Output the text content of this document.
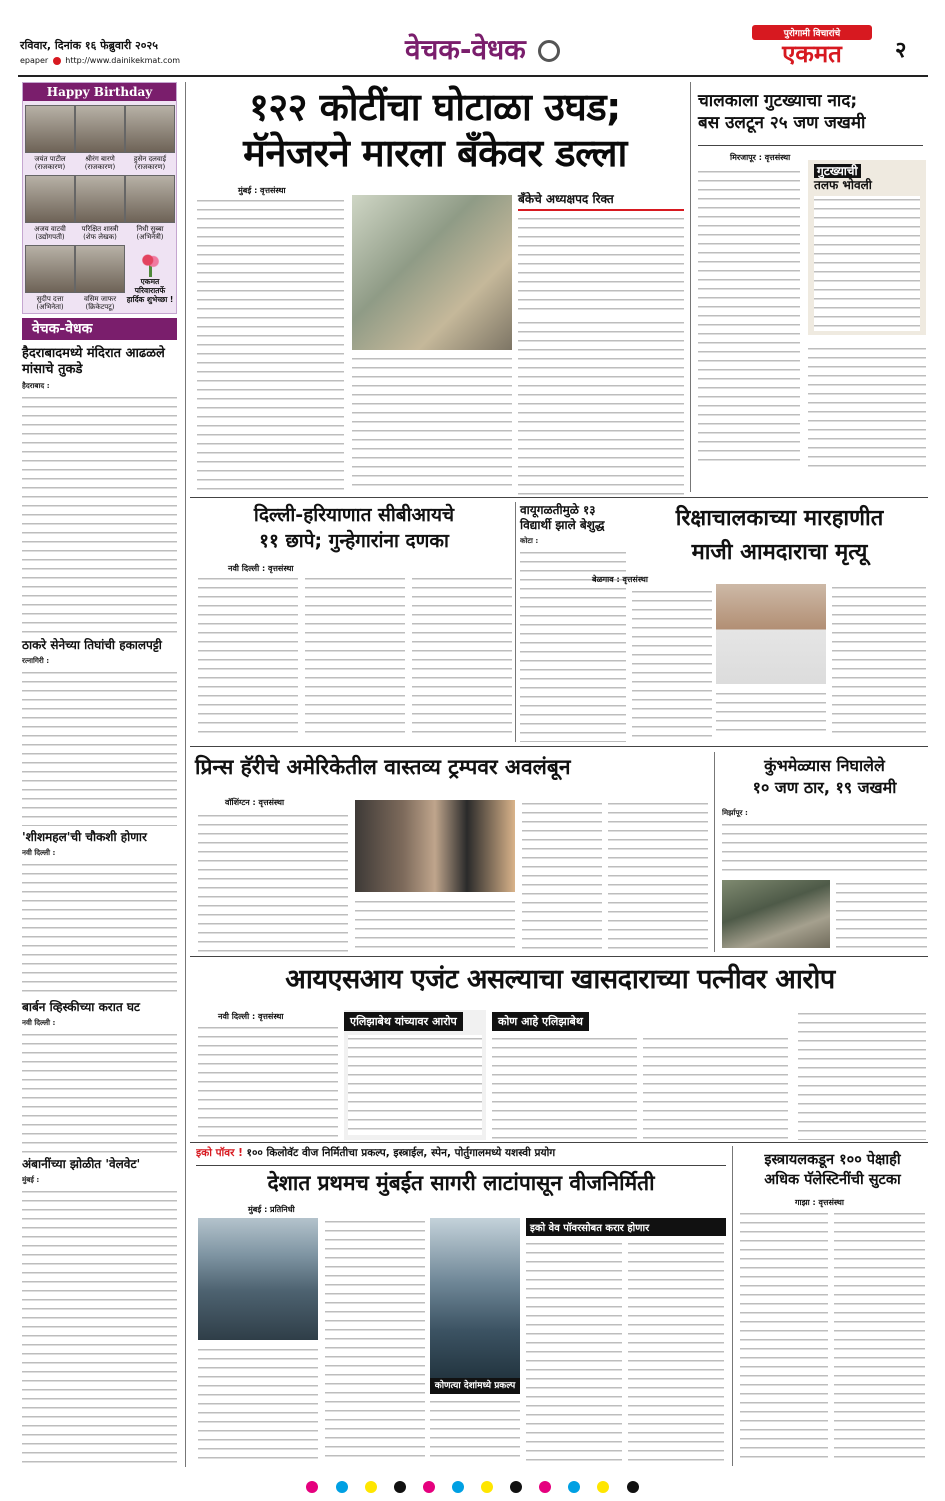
रविवार, दिनांक १६ फेब्रुवारी २०२५
epaper http://www.dainikekmat.com	वेचक-वेधक	पुरोगामी विचारांचे
एकमत	२
Happy Birthday
जयंत पाटील
(राजकारण)
श्रीरंग बारणे
(राजकारण)
हुसेन दलवाई
(राजकारण)
अजय वाटवी
(उद्योगपती)
परिक्षित शास्त्री
(शेफ लेखक)
निधी सुब्बा
(अभिनेत्री)
सुदीप दत्ता
(अभिनेता)
वसिम जाफर
(क्रिकेटपटू)
एकमत परिवारातर्फे हार्दिक शुभेच्छा !
वेचक-वेधक
हैदराबादमध्ये मंदिरात आढळले मांसाचे तुकडे
हैदराबाद :
ठाकरे सेनेच्या तिघांची हकालपट्टी
रत्नागिरी :
'शीशमहल'ची चौकशी होणार
नवी दिल्ली :
बार्बन व्हिस्कीच्या करात घट
नवी दिल्ली :
अंबानींच्या झोळीत 'वेलवेट'
मुंबई :
१२२ कोटींचा घोटाळा उघड;
मॅनेजरने मारला बँकेवर डल्ला
मुंबई : वृत्तसंस्था
बँकेचे अध्यक्षपद रिक्त
चालकाला गुटख्याचा नाद;
बस उलटून २५ जण जखमी
मिरजापूर : वृत्तसंस्था
गुटख्याची
तलफ भोवली
दिल्ली-हरियाणात सीबीआयचे
११ छापे; गुन्हेगारांना दणका
नवी दिल्ली : वृत्तसंस्था
वायूगळतीमुळे १३ विद्यार्थी झाले बेशुद्ध
कोटा :
रिक्षाचालकाच्या मारहाणीत
माजी आमदाराचा मृत्यू
बेळगाव : वृत्तसंस्था
प्रिन्स हॅरीचे अमेरिकेतील वास्तव्य ट्रम्पवर अवलंबून
वॉशिंग्टन : वृत्तसंस्था
कुंभमेळ्यास निघालेले
१० जण ठार, १९ जखमी
मिर्झापूर :
आयएसआय एजंट असल्याचा खासदाराच्या पत्नीवर आरोप
नवी दिल्ली : वृत्तसंस्था	एलिझाबेथ यांच्यावर आरोप	कोण आहे एलिझाबेथ
इको पॉवर ! १०० किलोवॅट वीज निर्मितीचा प्रकल्प, इस्त्राईल, स्पेन, पोर्तुगालमध्ये यशस्वी प्रयोग
देशात प्रथमच मुंबईत सागरी लाटांपासून वीजनिर्मिती
मुंबई : प्रतिनिधी
कोणत्या देशांमध्ये प्रकल्प
इको वेव पॉवरसोबत करार होणार
इस्त्रायलकडून १०० पेक्षाही
अधिक पॅलेस्टिनींची सुटका
गाझा : वृत्तसंस्था
